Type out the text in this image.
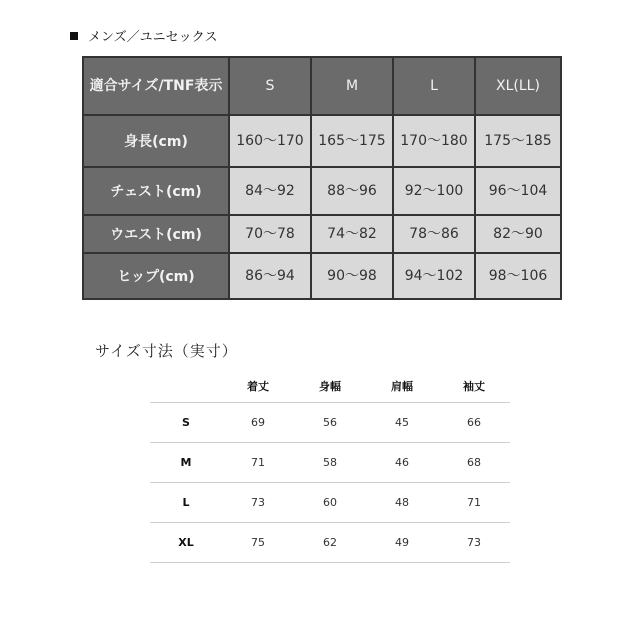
メンズ／ユニセックス
適合サイズ/TNF表示	S	M	L	XL(LL)
身長(cm)	160〜170	165〜175	170〜180	175〜185
チェスト(cm)	84〜92	88〜96	92〜100	96〜104
ウエスト(cm)	70〜78	74〜82	78〜86	82〜90
ヒップ(cm)	86〜94	90〜98	94〜102	98〜106
サイズ寸法（実寸）
	着丈	身幅	肩幅	袖丈
S	69	56	45	66
M	71	58	46	68
L	73	60	48	71
XL	75	62	49	73
